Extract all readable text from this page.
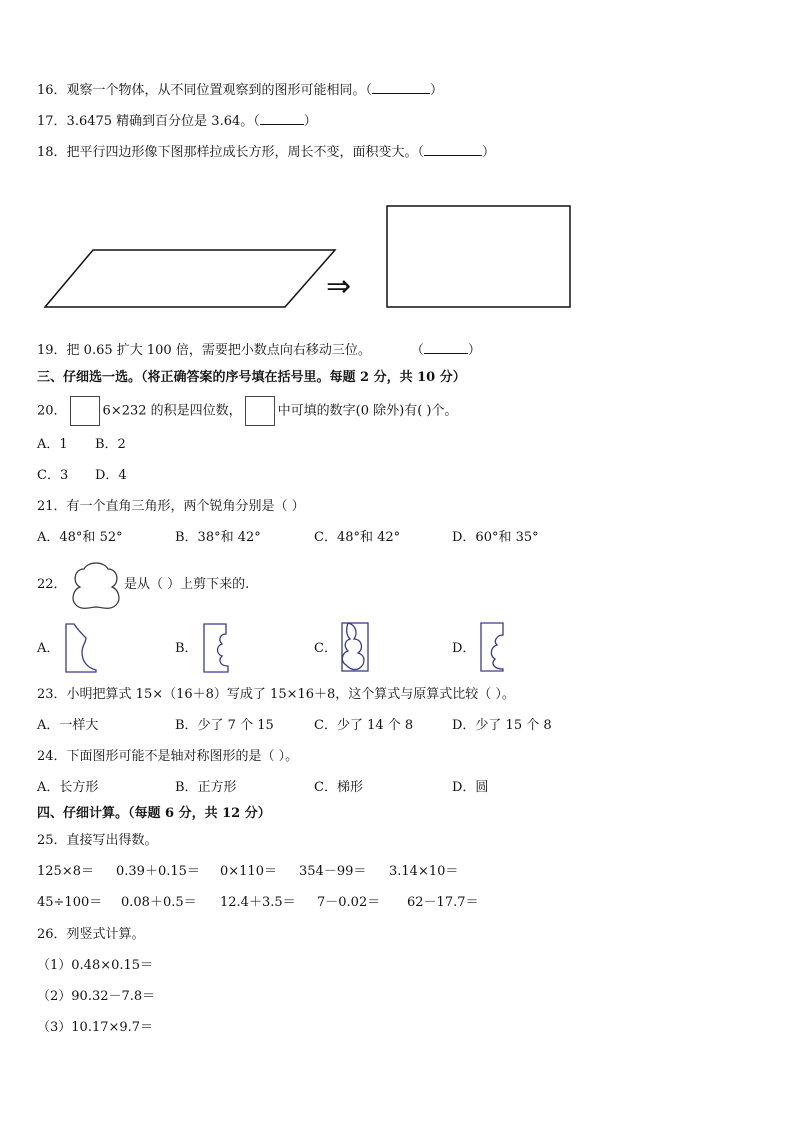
16．观察一个物体，从不同位置观察到的图形可能相同。（	）
17．3.6475 精确到百分位是 3.64。（	）
18．把平行四边形像下图那样拉成长方形，周长不变，面积变大。（	）
⇒
19．把 0.65 扩大 100 倍，需要把小数点向右移动三位。	（	）
三、仔细选一选。（将正确答案的序号填在括号里。每题 2 分，共 10 分）
20．	6×232 的积是四位数，	中可填的数字(0 除外)有( )个。
A．1 B．2
C．3 D．4
21．有一个直角三角形，两个锐角分别是（ ）
A．48°和 52°	B．38°和 42°	C．48°和 42°	D．60°和 35°
22．	是从（ ）上剪下来的.
A．	B．	C．	D．
23．小明把算式 15×（16＋8）写成了 15×16＋8，这个算式与原算式比较（ ）。
A．一样大	B．少了 7 个 15	C．少了 14 个 8	D．少了 15 个 8
24．下面图形可能不是轴对称图形的是（ ）。
A．长方形	B．正方形	C．梯形	D．圆
四、仔细计算。（每题 6 分，共 12 分）
25．直接写出得数。
125×8＝ 0.39＋0.15＝ 0×110＝ 354－99＝ 3.14×10＝
45÷100＝ 0.08＋0.5＝ 12.4＋3.5＝ 7－0.02＝ 62－17.7＝
26．列竖式计算。
（1）0.48×0.15＝
（2）90.32－7.8＝
（3）10.17×9.7＝
